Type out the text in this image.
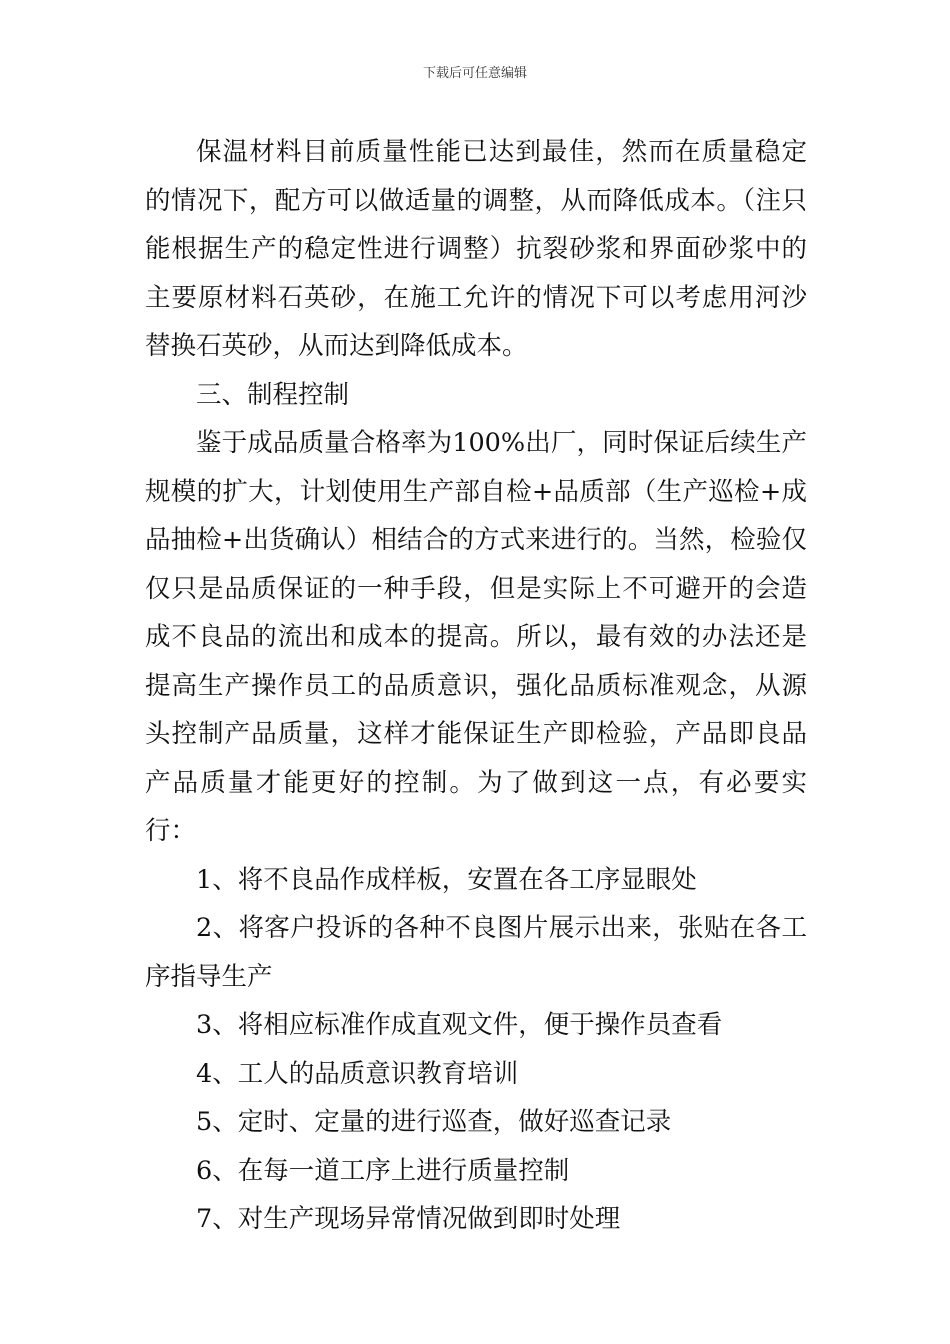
下载后可任意编辑

保温材料目前质量性能已达到最佳，然而在质量稳定的情况下，配方可以做适量的调整，从而降低成本。（注只能根据生产的稳定性进行调整）抗裂砂浆和界面砂浆中的主要原材料石英砂，在施工允许的情况下可以考虑用河沙替换石英砂，从而达到降低成本。

三、制程控制

鉴于成品质量合格率为100%出厂，同时保证后续生产规模的扩大，计划使用生产部自检+品质部（生产巡检+成品抽检+出货确认）相结合的方式来进行的。当然，检验仅仅只是品质保证的一种手段，但是实际上不可避开的会造成不良品的流出和成本的提高。所以，最有效的办法还是提高生产操作员工的品质意识，强化品质标准观念，从源头控制产品质量，这样才能保证生产即检验，产品即良品产品质量才能更好的控制。为了做到这一点，有必要实行：

1、将不良品作成样板，安置在各工序显眼处

2、将客户投诉的各种不良图片展示出来，张贴在各工序指导生产

3、将相应标准作成直观文件，便于操作员查看

4、工人的品质意识教育培训

5、定时、定量的进行巡查，做好巡查记录

6、在每一道工序上进行质量控制

7、对生产现场异常情况做到即时处理
